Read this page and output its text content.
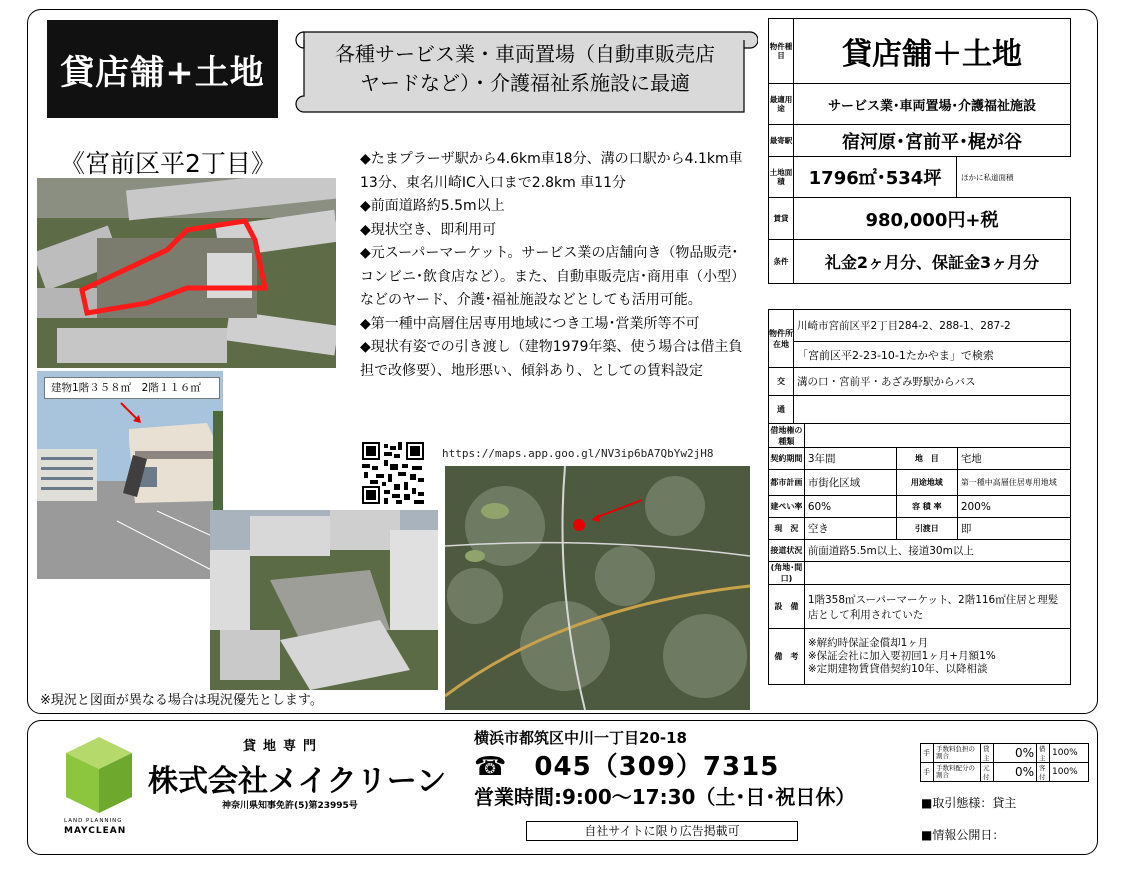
貸店舗+土地	各種サービス業・車両置場（自動車販売店
ヤードなど）・介護福祉系施設に最適
《宮前区平2丁目》
建物1階３５８㎡　2階１１６㎡

◆たまプラーザ駅から4.6km車18分、溝の口駅から4.1km車13分、東名川崎IC入口まで2.8km 車11分

◆前面道路約5.5m以上

◆現状空き、即利用可

◆元スーパーマーケット。サービス業の店舗向き（物品販売･コンビニ･飲食店など）。また、自動車販売店･商用車（小型）などのヤード、介護･福祉施設などとしても活用可能。

◆第一種中高層住居専用地域につき工場･営業所等不可

◆現状有姿での引き渡し（建物1979年築、使う場合は借主負担で改修要）、地形悪い、傾斜あり、としての賃料設定

https://maps.app.goo.gl/NV3ip6bA7QbYw2jH8
※現況と図面が異なる場合は現況優先とします。
物件種目	貸店舗＋土地	
最適用途	サービス業･車両置場･介護福祉施設	
最寄駅	宿河原･宮前平･梶が谷	
土地面積	1796㎡･534坪	ほかに私道面積
賃貸	980,000円+税	
条件	礼金2ヶ月分、保証金3ヶ月分	
物件所在地	川崎市宮前区平2丁目284-2、288-1、287-2			
	「宮前区平2-23-10-1たかやま」で検索			
交	溝の口・宮前平・あざみ野駅からバス			
通				
借地権の種類				
契約期間		3年間	地　目	宅地
都市計画		市街化区域	用途地域	第一種中高層住居専用地域
建ぺい率		60%	容 積 率	200%
現　況		空き	引渡日	即
接道状況		前面道路5.5m以上、接道30m以上		
(角地･間口)				
設　備		1階358㎡スーパーマーケット、2階116㎡住居と理髪店として利用されていた		
備　考		※解約時保証金償却1ヶ月
※保証会社に加入要初回1ヶ月+月額1%
※定期建物賃貸借契約10年、以降相談		
LAND PLANNING
MAYCLEAN
貸地専門
株式会社メイクリーン
神奈川県知事免許(5)第23995号
横浜市都筑区中川一丁目20-18
☎　045（309）7315
営業時間:9:00～17:30（土･日･祝日休）
自社サイトに限り広告掲載可
手	手数料負担の割合	貸主	0%	借主	100%
手	手数料配分の割合	元付	0%	客付	100%
■取引態様：貸主
■情報公開日：
